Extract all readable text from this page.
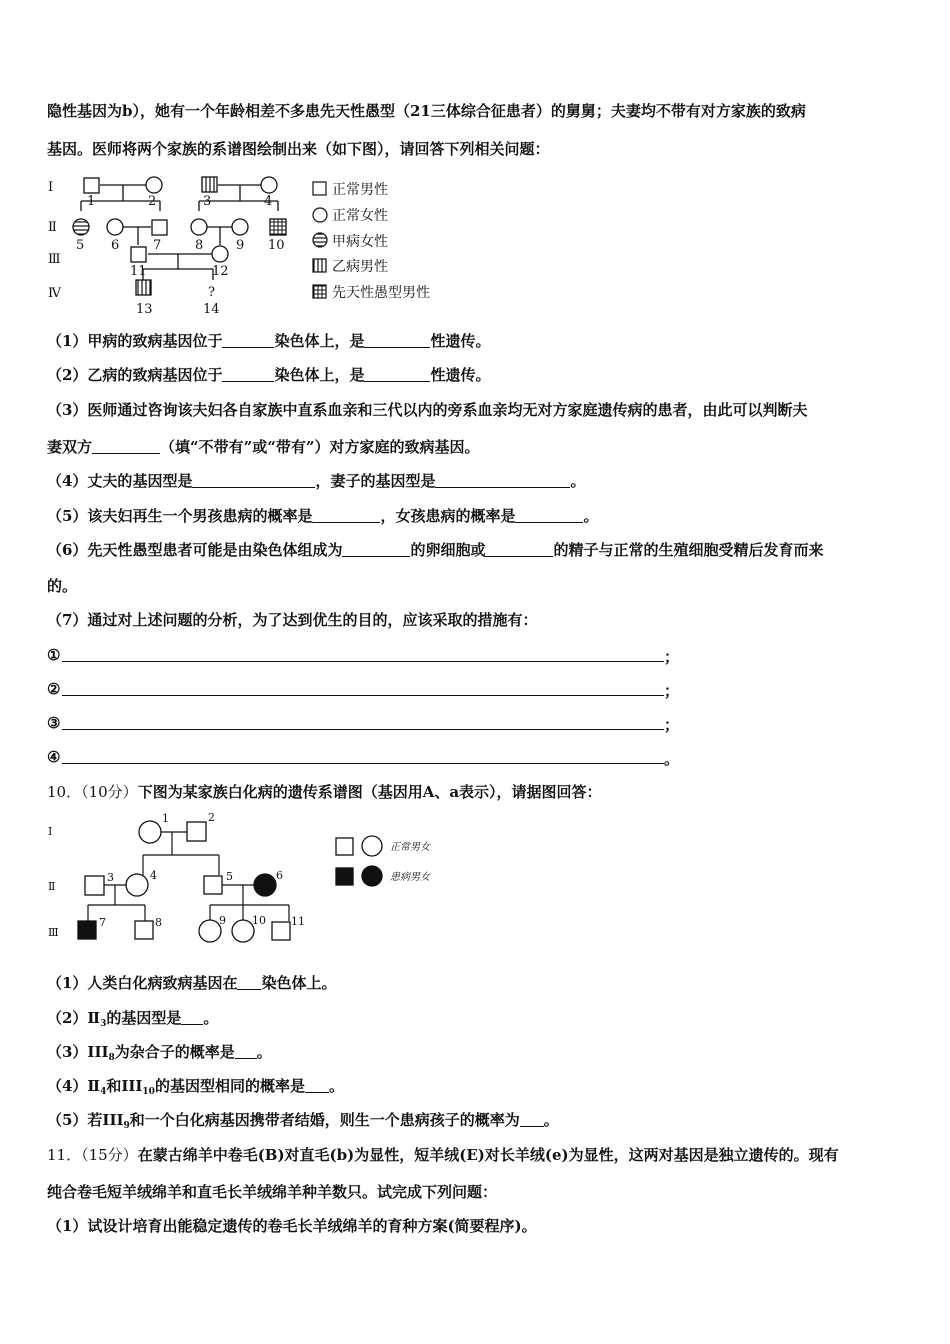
隐性基因为b），她有一个年龄相差不多患先天性愚型（21三体综合征患者）的舅舅；夫妻均不带有对方家族的致病
基因。医师将两个家族的系谱图绘制出来（如下图），请回答下列相关问题：
Ⅰ
Ⅱ
Ⅲ
Ⅳ
1	2	3	4
5 6	7	8	9 10
11	12
13	14
?
正常男性
正常女性
甲病女性
乙病男性
先天性愚型男性
（1）甲病的致病基因位于	染色体上，是	性遗传。
（2）乙病的致病基因位于	染色体上，是	性遗传。
（3）医师通过咨询该夫妇各自家族中直系血亲和三代以内的旁系血亲均无对方家庭遗传病的患者，由此可以判断夫
妻双方	（填“不带有”或“带有”）对方家庭的致病基因。
（4）丈夫的基因型是	，妻子的基因型是	。
（5）该夫妇再生一个男孩患病的概率是	，女孩患病的概率是	。
（6）先天性愚型患者可能是由染色体组成为	的卵细胞或	的精子与正常的生殖细胞受精后发育而来
的。
（7）通过对上述问题的分析，为了达到优生的目的，应该采取的措施有：
①	；
②	；
③	；
④	。
10．（10分）下图为某家族白化病的遗传系谱图（基因用A、a表示），请据图回答：
Ⅰ
Ⅱ
Ⅲ
1	2
3	4	5	6
7	8	9 10 11
正常男女
患病男女
（1）人类白化病致病基因在 染色体上。
$(2)Ⅱ_3$的基因型是 。
$(3)III_8$为杂合子的概率是 。
$(4)Ⅱ_4$和$III_{10}$的基因型相同的概率是 。
（5）若$III_9$和一个白化病基因携带者结婚，则生一个患病孩子的概率为 。
11．（15分）在蒙古绵羊中卷毛(B)对直毛(b)为显性，短羊绒(E)对长羊绒(e)为显性，这两对基因是独立遗传的。现有
纯合卷毛短羊绒绵羊和直毛长羊绒绵羊种羊数只。试完成下列问题：
（1）试设计培育出能稳定遗传的卷毛长羊绒绵羊的育种方案(简要程序)。
